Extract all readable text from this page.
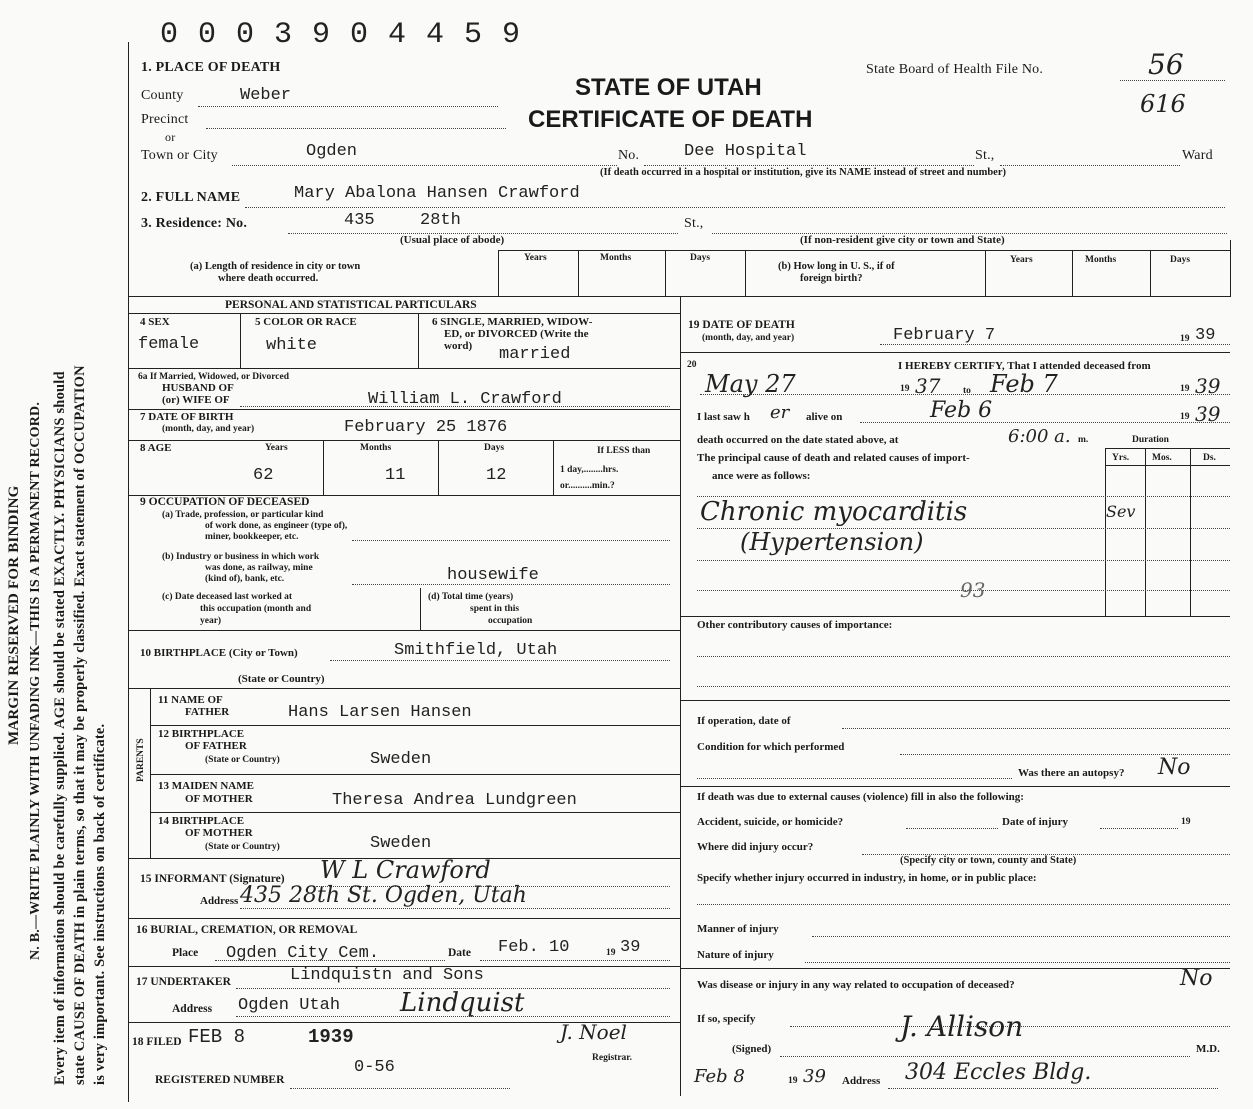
0 0 0 3 9 0 4 4 5 9
MARGIN RESERVED FOR BINDING N. B.—WRITE PLAINLY WITH UNFADING INK—THIS IS A PERMANENT RECORD. Every item of information should be carefully supplied. AGE should be stated EXACTLY. PHYSICIANS should state CAUSE OF DEATH in plain terms, so that it may be properly classified. Exact statement of OCCUPATION is very important. See instructions on back of certificate.
1. PLACE OF DEATH	State Board of Health File No.	56
616
STATE OF UTAH
CERTIFICATE OF DEATH
County	Weber
Precinct
or
Town or City	Ogden	No.	Dee Hospital	St.,	Ward
(If death occurred in a hospital or institution, give its NAME instead of street and number)
2. FULL NAME	Mary Abalona Hansen Crawford
3. Residence: No.	435	28th	St.,
(Usual place of abode)	(If non-resident give city or town and State)
(a) Length of residence in city or town
where death occurred.
Years	Months	Days
(b) How long in U. S., if of
foreign birth?
Years	Months	Days
PERSONAL AND STATISTICAL PARTICULARS
4 SEX
female
5 COLOR OR RACE
white
6 SINGLE, MARRIED, WIDOW-
ED, or DIVORCED (Write the
word) married
6a If Married, Widowed, or Divorced
HUSBAND OF
(or) WIFE OF	William L. Crawford
7 DATE OF BIRTH
(month, day, and year)	February 25 1876
8 AGE	Years
62
Months
11
Days
12
If LESS than
1 day,........hrs.
or..........min.?
9 OCCUPATION OF DECEASED
(a) Trade, profession, or particular kind
of work done, as engineer (type of),
miner, bookkeeper, etc.
(b) Industry or business in which work
was done, as railway, mine
(kind of), bank, etc.	housewife
(c) Date deceased last worked at
this occupation (month and
year)
(d) Total time (years)
spent in this
occupation
10 BIRTHPLACE (City or Town)	Smithfield, Utah
(State or Country)
PARENTS
11 NAME OF
FATHER	Hans Larsen Hansen
12 BIRTHPLACE
OF FATHER
(State or Country)	Sweden
13 MAIDEN NAME
OF MOTHER	Theresa Andrea Lundgreen
14 BIRTHPLACE
OF MOTHER
(State or Country)	Sweden
15 INFORMANT (Signature) W L Crawford
Address 435 28th St. Ogden, Utah
16 BURIAL, CREMATION, OR REMOVAL
Place Ogden City Cem.	Date Feb. 10	19 39
17 UNDERTAKER	Lindquistn and Sons
Address Ogden Utah Lindquist
18 FILED FEB 8	1939	J. Noel
Registrar.
REGISTERED NUMBER
0-56
19 DATE OF DEATH
(month, day, and year)	February 7	19 39
20	I HEREBY CERTIFY, That I attended deceased from
May 27	19 37 to Feb 7	19 39
I last saw h er alive on	Feb 6	19 39
death occurred on the date stated above, at	6:00 a. m.	Duration
The principal cause of death and related causes of import-
ance were as follows:
Yrs. Mos.	Ds.
Chronic myocarditis	Sev
(Hypertension)
93
Other contributory causes of importance:
If operation, date of
Condition for which performed
Was there an autopsy? No
If death was due to external causes (violence) fill in also the following:
Accident, suicide, or homicide?	Date of injury	19
Where did injury occur?
(Specify city or town, county and State)
Specify whether injury occurred in industry, in home, or in public place:
Manner of injury
Nature of injury
Was disease or injury in any way related to occupation of deceased?	No
If so, specify
(Signed)
J. Allison
M.D.
Feb 8	19 39 Address 304 Eccles Bldg.
